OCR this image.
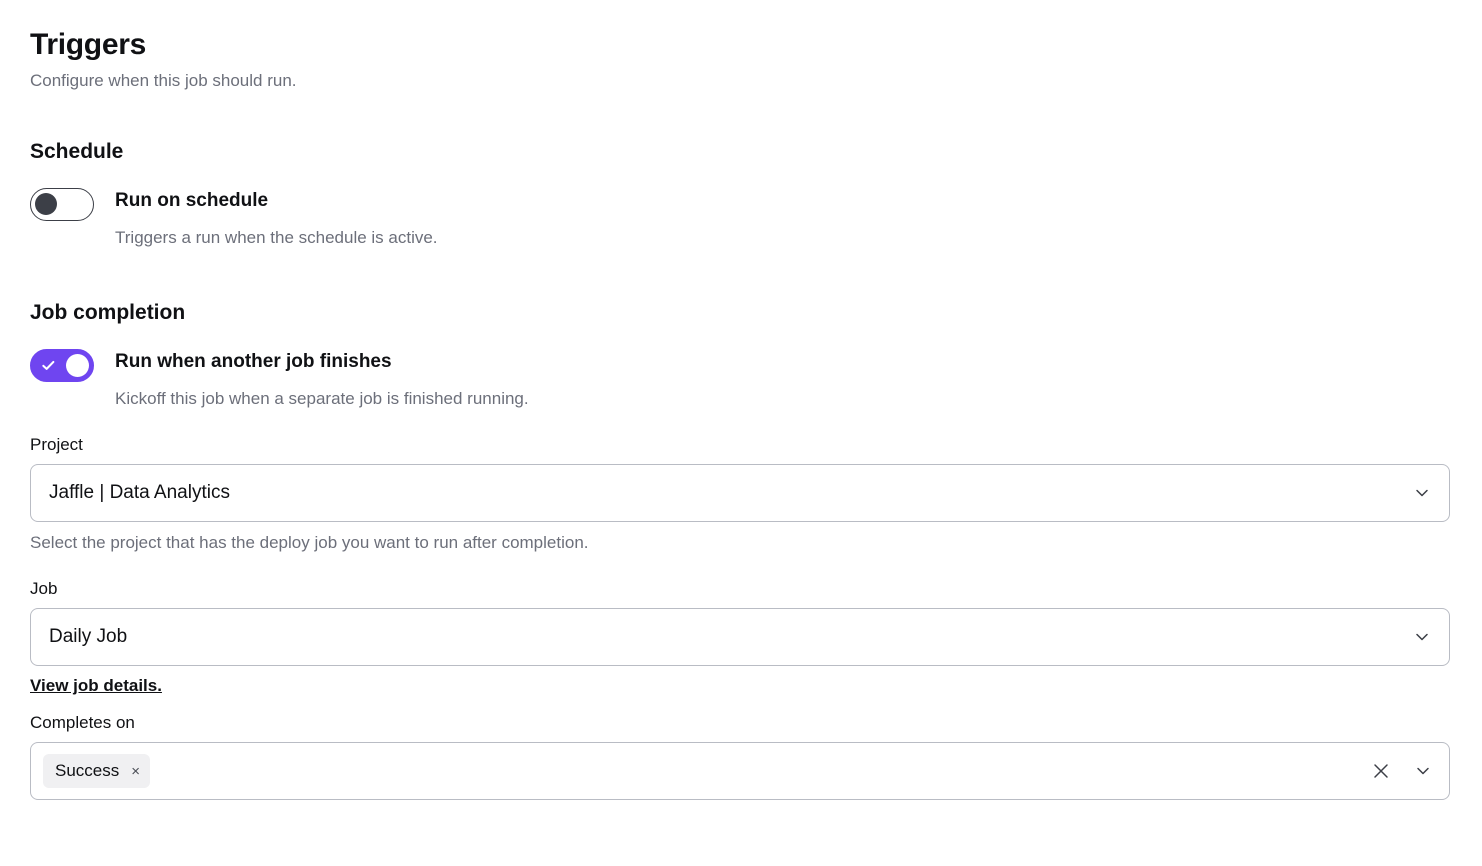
Triggers

Configure when this job should run.

Schedule
Run on schedule
Triggers a run when the schedule is active.
Job completion
Run when another job finishes
Kickoff this job when a separate job is finished running.
Project
Jaffle | Data Analytics
Select the project that has the deploy job you want to run after completion.
Job
Daily Job
View job details.
Completes on
Success ×
